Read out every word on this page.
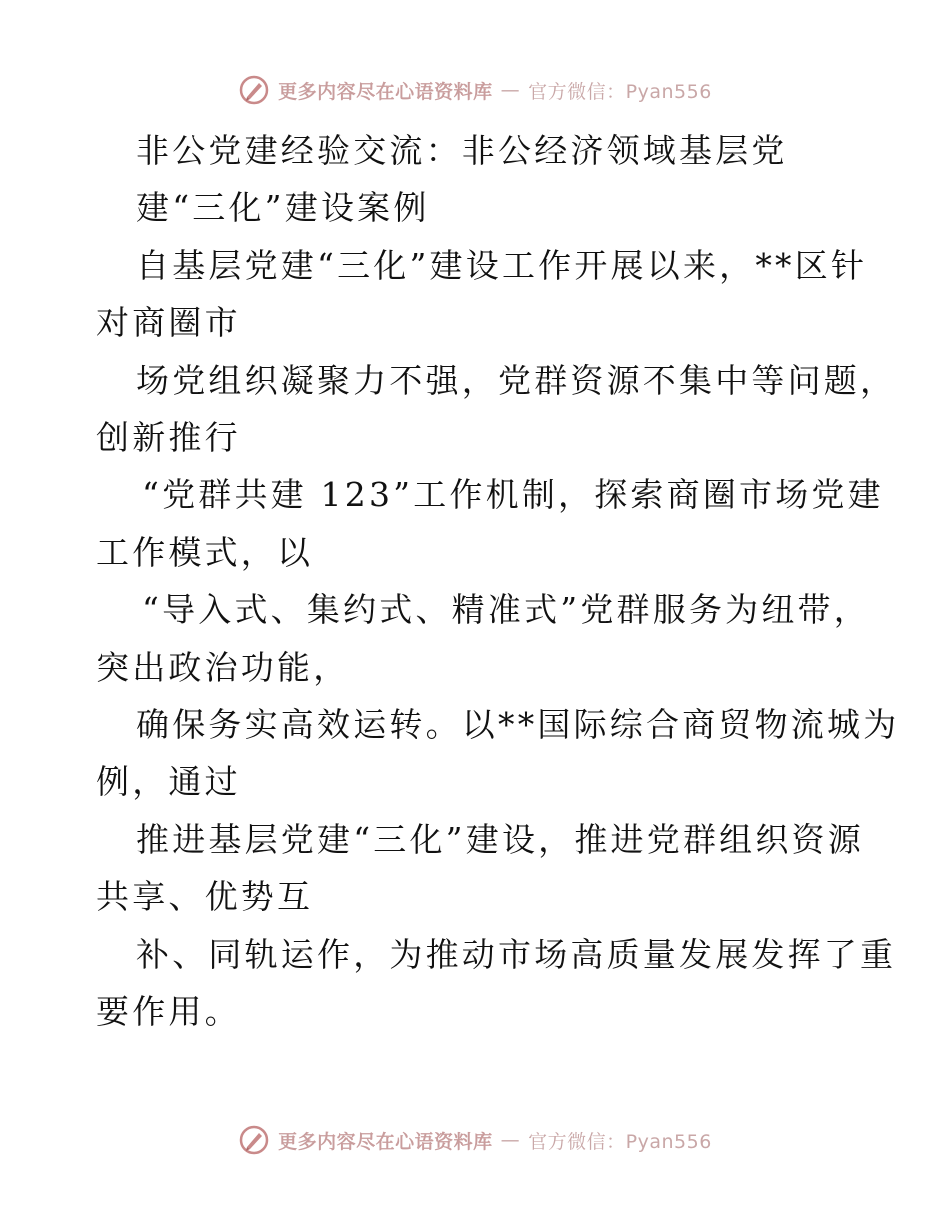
更多内容尽在心语资料库 — 官方微信：Pyan556
非公党建经验交流：非公经济领域基层党
建“三化”建设案例
自基层党建“三化”建设工作开展以来，**区针
对商圈市
场党组织凝聚力不强，党群资源不集中等问题，
创新推行
“党群共建 123”工作机制，探索商圈市场党建
工作模式，以
“导入式、集约式、精准式”党群服务为纽带，
突出政治功能，
确保务实高效运转。以**国际综合商贸物流城为
例，通过
推进基层党建“三化”建设，推进党群组织资源
共享、优势互
补、同轨运作，为推动市场高质量发展发挥了重
要作用。
更多内容尽在心语资料库 — 官方微信：Pyan556
